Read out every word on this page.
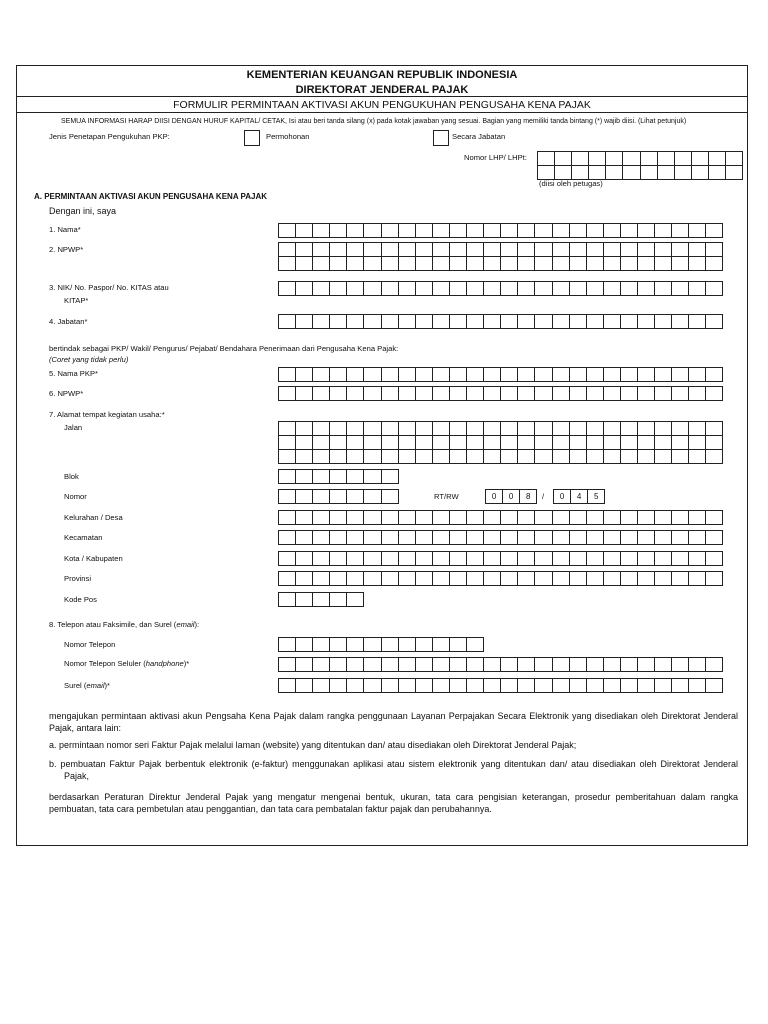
KEMENTERIAN KEUANGAN REPUBLIK INDONESIA
DIREKTORAT JENDERAL PAJAK
FORMULIR PERMINTAAN AKTIVASI AKUN PENGUKUHAN PENGUSAHA KENA PAJAK
SEMUA INFORMASI HARAP DIISI DENGAN HURUF KAPITAL/ CETAK, Isi atau beri tanda silang (x) pada kotak jawaban yang sesuai. Bagian yang memiliki tanda bintang (*) wajib diisi. (Lihat petunjuk)
Jenis Penetapan Pengukuhan PKP:	Permohonan	Secara Jabatan
Nomor LHP/ LHPt:
(diisi oleh petugas)
A. PERMINTAAN AKTIVASI AKUN PENGUSAHA KENA PAJAK
Dengan ini, saya
1. Nama*
2. NPWP*
3. NIK/ No. Paspor/ No. KITAS atau
KITAP*
4. Jabatan*
bertindak sebagai PKP/ Wakil/ Pengurus/ Pejabat/ Bendahara Penerimaan dari Pengusaha Kena Pajak:
(Coret yang tidak perlu)
5. Nama PKP*
6. NPWP*
7. Alamat tempat kegiatan usaha:*
Jalan
Blok
Nomor	RT/RW	0	0	8	/	0	4	5
Kelurahan / Desa
Kecamatan
Kota / Kabupaten
Provinsi
Kode Pos
8. Telepon atau Faksimile, dan Surel (email):
Nomor Telepon
Nomor Telepon Seluler (handphone)*
Surel (email)*
mengajukan permintaan aktivasi akun Pengsaha Kena Pajak dalam rangka penggunaan Layanan Perpajakan Secara Elektronik yang disediakan oleh Direktorat Jenderal Pajak, antara lain:
a. permintaan nomor seri Faktur Pajak melalui laman (website) yang ditentukan dan/ atau disediakan oleh Direktorat Jenderal Pajak;
b. pembuatan Faktur Pajak berbentuk elektronik (e-faktur) menggunakan aplikasi atau sistem elektronik yang ditentukan dan/ atau disediakan oleh Direktorat Jenderal Pajak,
berdasarkan Peraturan Direktur Jenderal Pajak yang mengatur mengenai bentuk, ukuran, tata cara pengisian keterangan, prosedur pemberitahuan dalam rangka pembuatan, tata cara pembetulan atau penggantian, dan tata cara pembatalan faktur pajak dan perubahannya.
